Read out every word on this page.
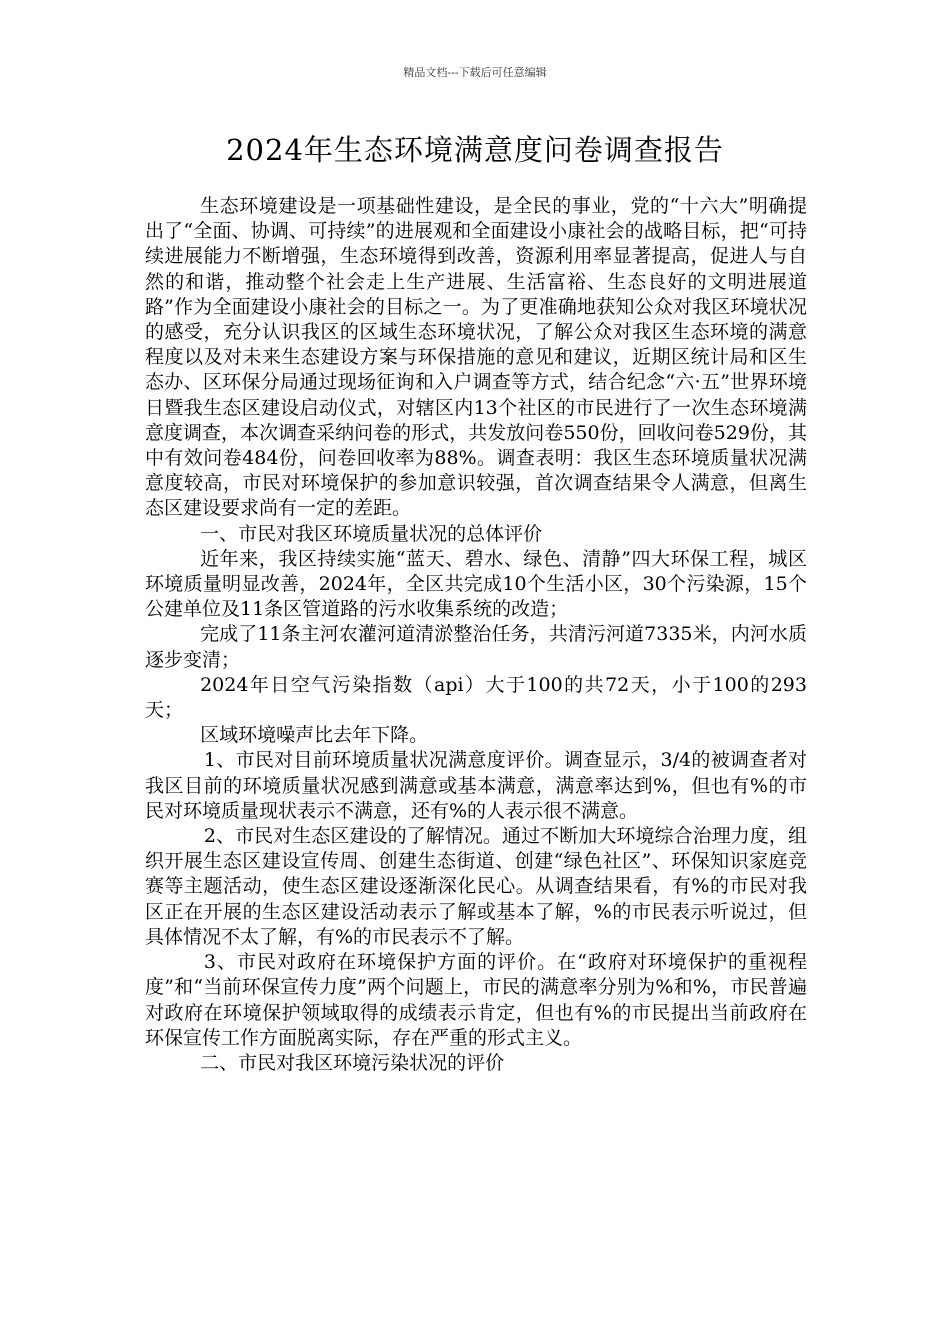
精品文档---下载后可任意编辑
2024年生态环境满意度问卷调查报告

生态环境建设是一项基础性建设，是全民的事业，党的“十六大”明确提出了“全面、协调、可持续”的进展观和全面建设小康社会的战略目标，把“可持续进展能力不断增强，生态环境得到改善，资源利用率显著提高，促进人与自然的和谐，推动整个社会走上生产进展、生活富裕、生态良好的文明进展道路”作为全面建设小康社会的目标之一。为了更准确地获知公众对我区环境状况的感受，充分认识我区的区域生态环境状况，了解公众对我区生态环境的满意程度以及对未来生态建设方案与环保措施的意见和建议，近期区统计局和区生态办、区环保分局通过现场征询和入户调查等方式，结合纪念“六·五”世界环境日暨我生态区建设启动仪式，对辖区内13个社区的市民进行了一次生态环境满意度调查，本次调查采纳问卷的形式，共发放问卷550份，回收问卷529份，其中有效问卷484份，问卷回收率为88%。调查表明：我区生态环境质量状况满意度较高，市民对环境保护的参加意识较强，首次调查结果令人满意，但离生态区建设要求尚有一定的差距。

一、市民对我区环境质量状况的总体评价

近年来，我区持续实施“蓝天、碧水、绿色、清静”四大环保工程，城区环境质量明显改善，2024年，全区共完成10个生活小区，30个污染源，15个公建单位及11条区管道路的污水收集系统的改造；

完成了11条主河农灌河道清淤整治任务，共清污河道7335米，内河水质逐步变清；

2024年日空气污染指数（api）大于100的共72天，小于100的293天；

区域环境噪声比去年下降。

1、市民对目前环境质量状况满意度评价。调查显示，3/4的被调查者对我区目前的环境质量状况感到满意或基本满意，满意率达到%，但也有%的市民对环境质量现状表示不满意，还有%的人表示很不满意。

2、市民对生态区建设的了解情况。通过不断加大环境综合治理力度，组织开展生态区建设宣传周、创建生态街道、创建“绿色社区”、环保知识家庭竞赛等主题活动，使生态区建设逐渐深化民心。从调查结果看，有%的市民对我区正在开展的生态区建设活动表示了解或基本了解，%的市民表示听说过，但具体情况不太了解，有%的市民表示不了解。

3、市民对政府在环境保护方面的评价。在“政府对环境保护的重视程度”和“当前环保宣传力度”两个问题上，市民的满意率分别为%和%，市民普遍对政府在环境保护领域取得的成绩表示肯定，但也有%的市民提出当前政府在环保宣传工作方面脱离实际，存在严重的形式主义。

二、市民对我区环境污染状况的评价
